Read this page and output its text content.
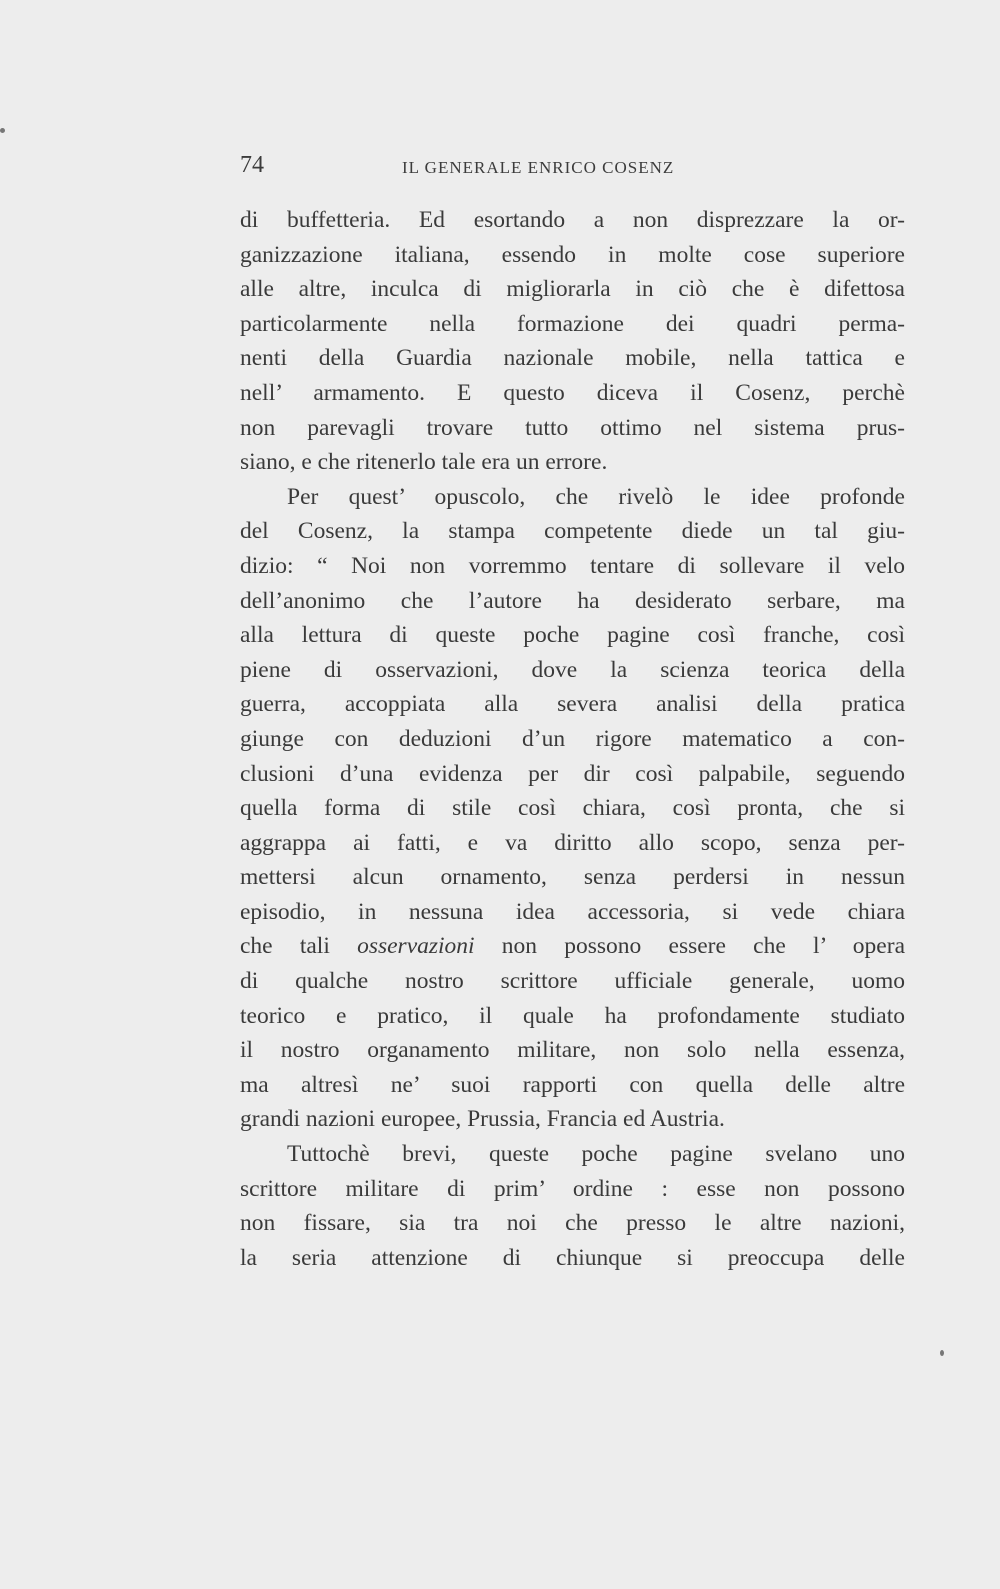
74	IL GENERALE ENRICO COSENZ
di buffetteria. Ed esortando a non disprezzare la or-
ganizzazione italiana, essendo in molte cose superiore
alle altre, inculca di migliorarla in ciò che è difettosa
particolarmente nella formazione dei quadri perma-
nenti della Guardia nazionale mobile, nella tattica e
nell’ armamento. E questo diceva il Cosenz, perchè
non parevagli trovare tutto ottimo nel sistema prus-
siano, e che ritenerlo tale era un errore.
Per quest’ opuscolo, che rivelò le idee profonde
del Cosenz, la stampa competente diede un tal giu-
dizio: “ Noi non vorremmo tentare di sollevare il velo
dell’anonimo che l’autore ha desiderato serbare, ma
alla lettura di queste poche pagine così franche, così
piene di osservazioni, dove la scienza teorica della
guerra, accoppiata alla severa analisi della pratica
giunge con deduzioni d’un rigore matematico a con-
clusioni d’una evidenza per dir così palpabile, seguendo
quella forma di stile così chiara, così pronta, che si
aggrappa ai fatti, e va diritto allo scopo, senza per-
mettersi alcun ornamento, senza perdersi in nessun
episodio, in nessuna idea accessoria, si vede chiara
che tali osservazioni non possono essere che l’ opera
di qualche nostro scrittore ufficiale generale, uomo
teorico e pratico, il quale ha profondamente studiato
il nostro organamento militare, non solo nella essenza,
ma altresì ne’ suoi rapporti con quella delle altre
grandi nazioni europee, Prussia, Francia ed Austria.
Tuttochè brevi, queste poche pagine svelano uno
scrittore militare di prim’ ordine : esse non possono
non fissare, sia tra noi che presso le altre nazioni,
la seria attenzione di chiunque si preoccupa delle
